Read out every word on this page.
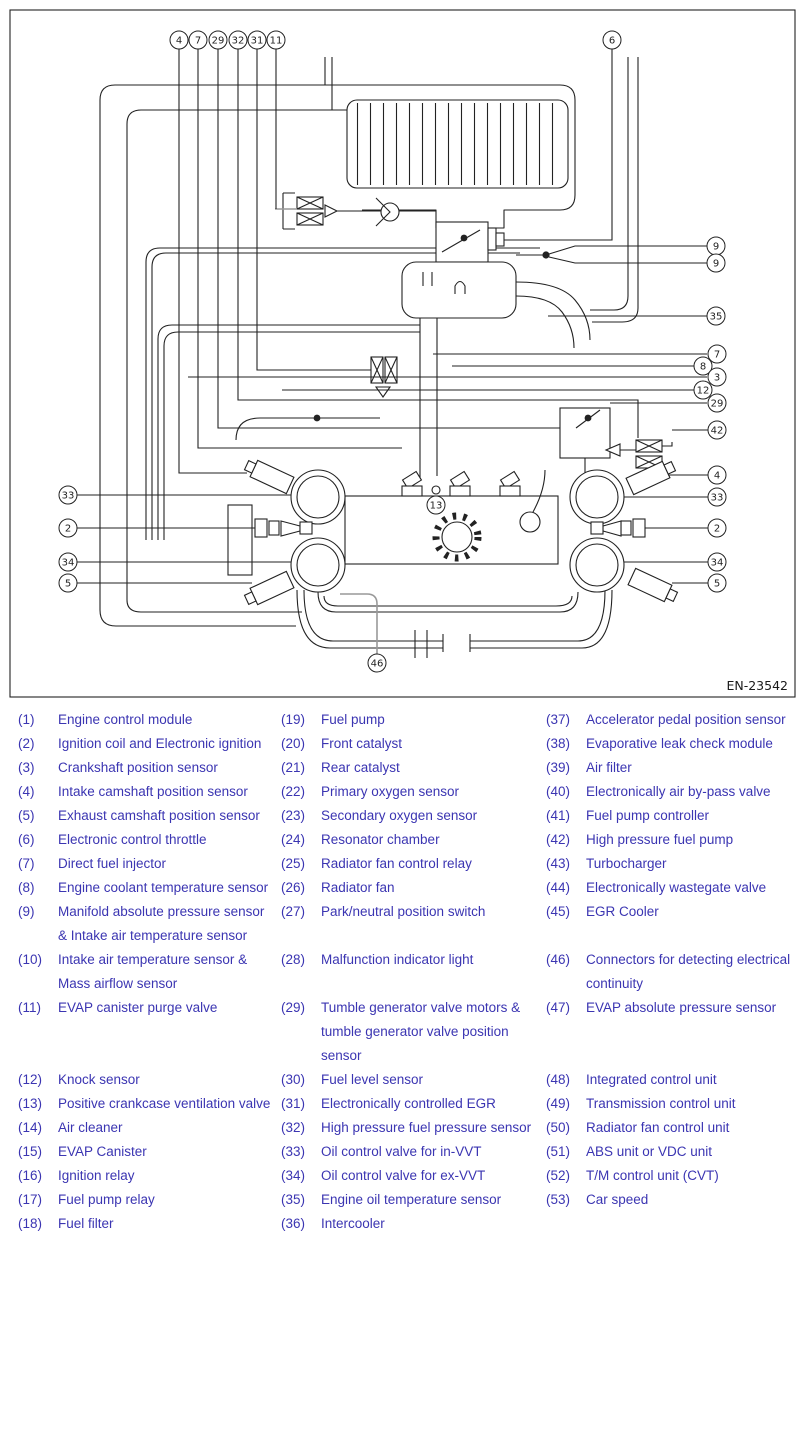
4 7 29 32 31 11	6
9
9
35
7
8
3
12
29
42
4
33
2
34
5
33
2
34
5
13
46
EN-23542
(1)	Engine control module	(19)	Fuel pump	(37)	Accelerator pedal position sensor
(2)	Ignition coil and Electronic ignition	(20)	Front catalyst	(38)	Evaporative leak check module
(3)	Crankshaft position sensor	(21)	Rear catalyst	(39)	Air filter
(4)	Intake camshaft position sensor	(22)	Primary oxygen sensor	(40)	Electronically air by-pass valve
(5)	Exhaust camshaft position sensor	(23)	Secondary oxygen sensor	(41)	Fuel pump controller
(6)	Electronic control throttle	(24)	Resonator chamber	(42)	High pressure fuel pump
(7)	Direct fuel injector	(25)	Radiator fan control relay	(43)	Turbocharger
(8)	Engine coolant temperature sensor (26)	Radiator fan	(44)	Electronically wastegate valve
(9)	Manifold absolute pressure sensor & Intake air temperature sensor
(27)	Park/neutral position switch	(45)	EGR Cooler
(10)	Intake air temperature sensor & Mass airflow sensor
(28)	Malfunction indicator light	(46)	Connectors for detecting electrical continuity
(11)	EVAP canister purge valve	(29)	Tumble generator valve motors & tumble generator valve position sensor
(47)	EVAP absolute pressure sensor
(12)	Knock sensor	(30)	Fuel level sensor	(48)	Integrated control unit
(13)	Positive crankcase ventilation valve (31)	Electronically controlled EGR	(49)	Transmission control unit
(14)	Air cleaner	(32)	High pressure fuel pressure sensor	(50)	Radiator fan control unit
(15)	EVAP Canister	(33)	Oil control valve for in-VVT	(51)	ABS unit or VDC unit
(16)	Ignition relay	(34)	Oil control valve for ex-VVT	(52)	T/M control unit (CVT)
(17)	Fuel pump relay	(35)	Engine oil temperature sensor	(53)	Car speed
(18)	Fuel filter	(36)	Intercooler
